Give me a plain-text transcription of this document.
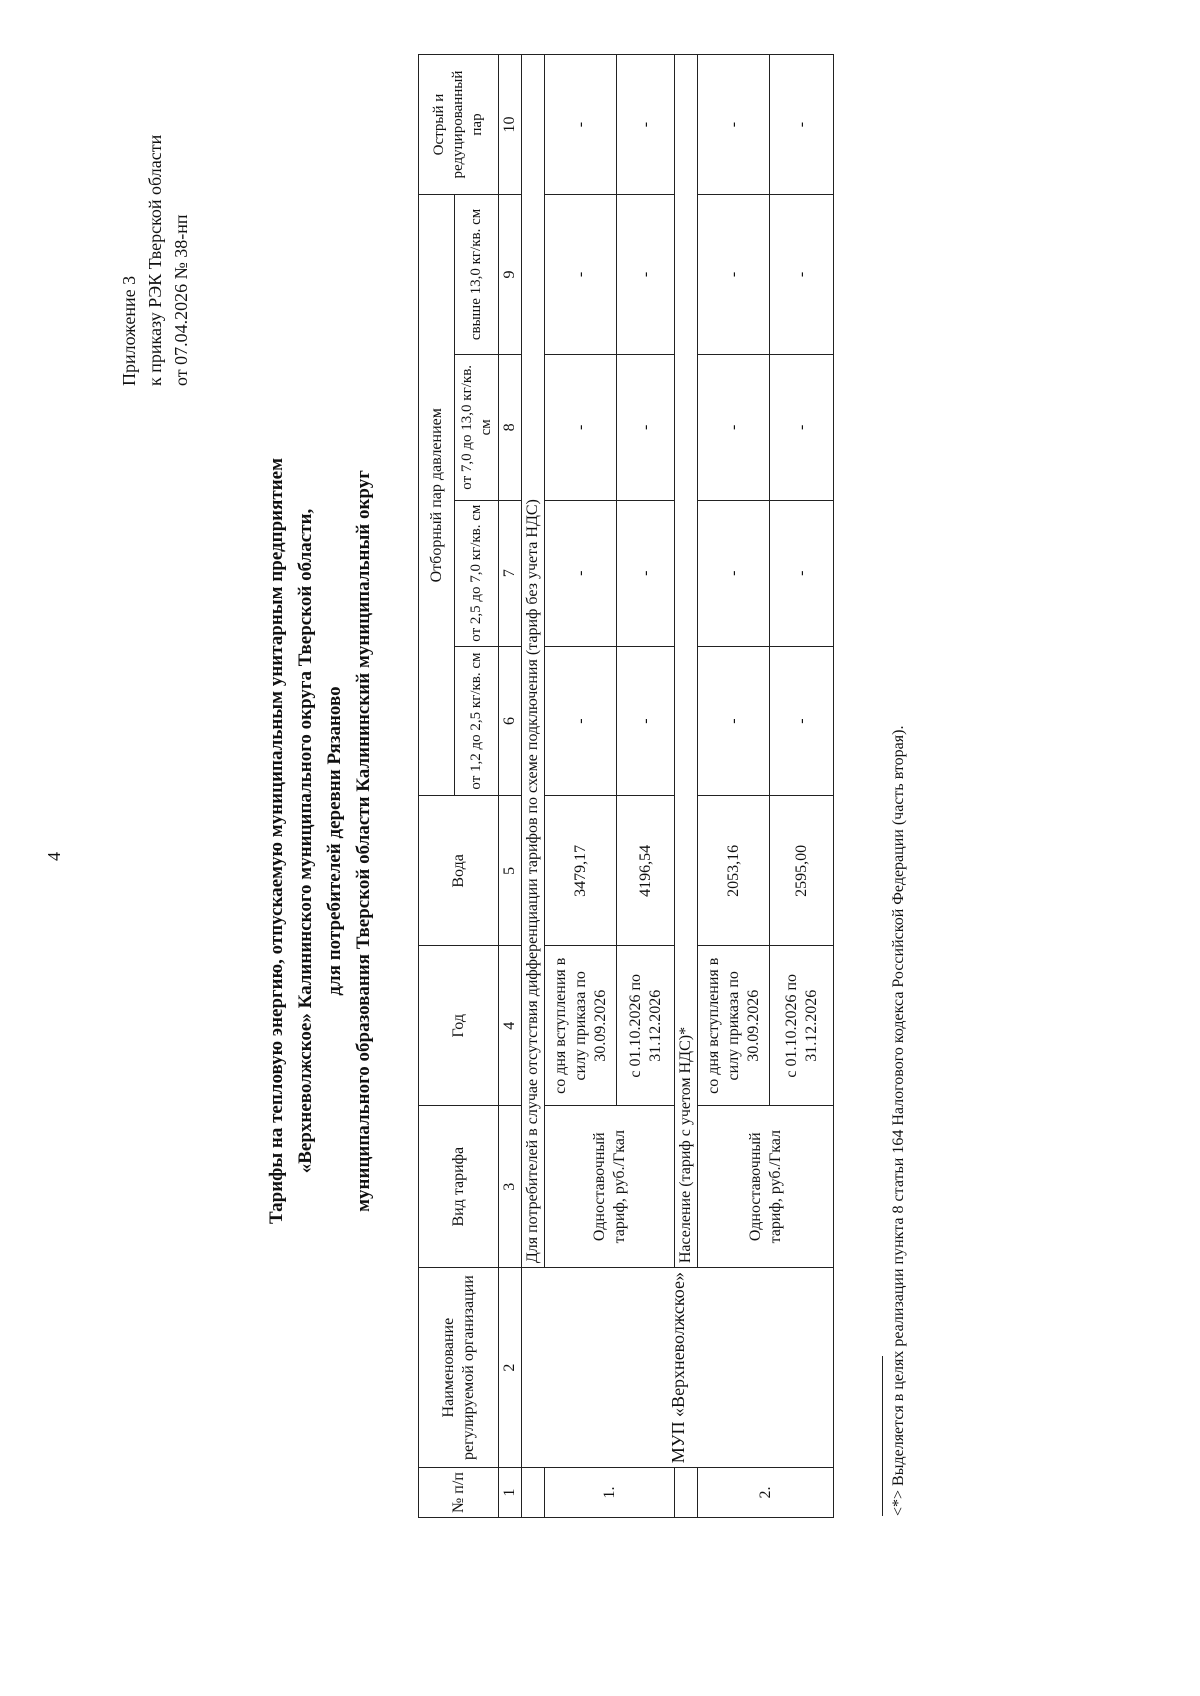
4
Приложение 3 к приказу РЭК Тверской области от 07.04.2026 № 38-нп
Тарифы на тепловую энергию, отпускаемую муниципальным унитарным предприятием «Верхневолжское» Калининского муниципального округа Тверской области, для потребителей деревни Рязаново муниципального образования Тверской области Калининский муниципальный округ
№ п/п	Наименование регулируемой организации	Вид тарифа	Год	Вода	Отборный пар давлением				Острый и редуцированный пар
					от 1,2 до 2,5 кг/кв. см	от 2,5 до 7,0 кг/кв. см	от 7,0 до 13,0 кг/кв. см	свыше 13,0 кг/кв. см	
1	2	3	4	5	6	7	8	9	10
	МУП «Верхневолжское»	Для потребителей в случае отсутствия дифференциации тарифов по схеме подключения (тариф без учета НДС)							
1.		Одноставочный тариф, руб./Гкал	со дня вступления в силу приказа по 30.09.2026	3479,17	-	-	-	-	-
			с 01.10.2026 по 31.12.2026	4196,54	-	-	-	-	-
		Население (тариф с учетом НДС)*							
2.		Одноставочный тариф, руб./Гкал	со дня вступления в силу приказа по 30.09.2026	2053,16	-	-	-	-	-
			с 01.10.2026 по 31.12.2026	2595,00	-	-	-	-	-
<*> Выделяется в целях реализации пункта 8 статьи 164 Налогового кодекса Российской Федерации (часть вторая).
